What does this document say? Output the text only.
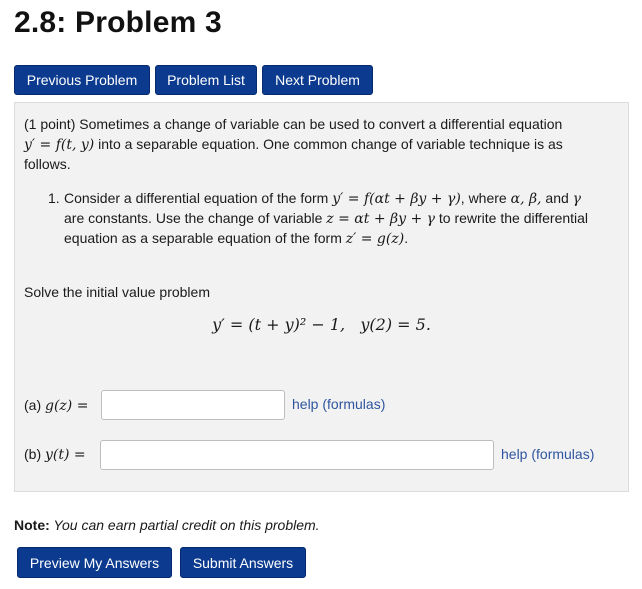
2.8: Problem 3
Previous Problem	Problem List	Next Problem
(1 point) Sometimes a change of variable can be used to convert a differential equation
y′ = f(t, y) into a separable equation. One common change of variable technique is as
follows.
1. Consider a differential equation of the form y′ = f(αt + βy + γ), where α, β, and γ
are constants. Use the change of variable z = αt + βy + γ to rewrite the differential
equation as a separable equation of the form z′ = g(z).
Solve the initial value problem
y′ = (t + y)² − 1,   y(2) = 5.
(a) g(z) =	help (formulas)
(b) y(t) =	help (formulas)
Note: You can earn partial credit on this problem.
Preview My Answers	Submit Answers
